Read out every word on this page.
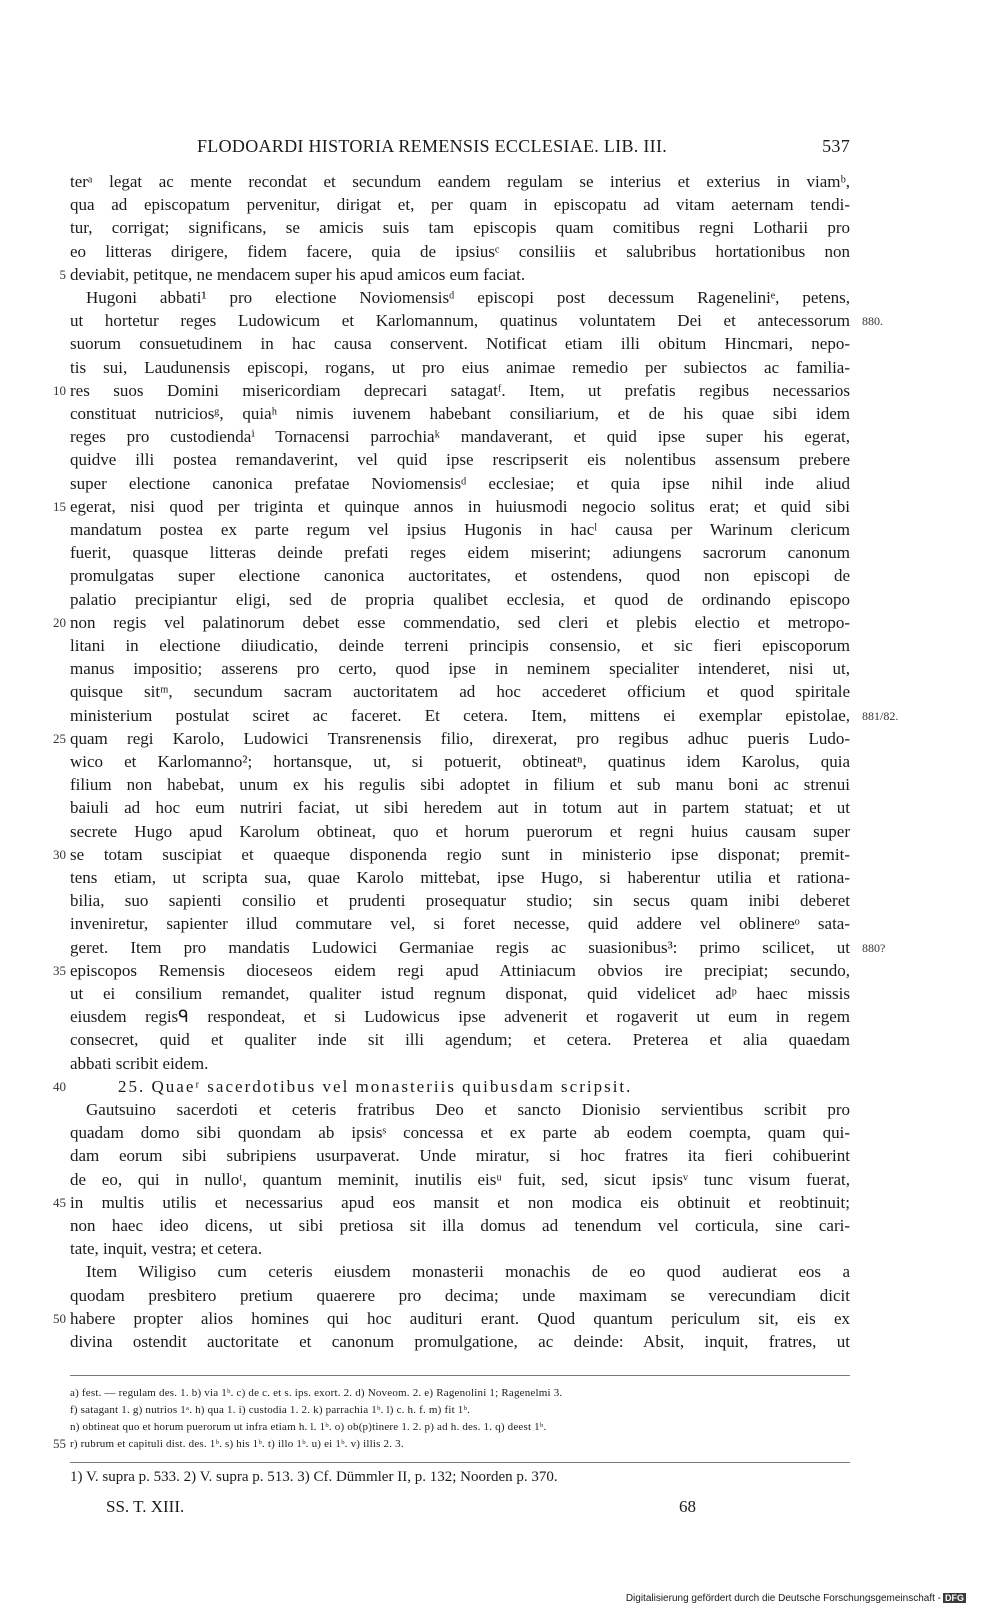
FLODOARDI HISTORIA REMENSIS ECCLESIAE. LIB. III.	537
terᵃ legat ac mente recondat et secundum eandem regulam se interius et exterius in viamᵇ,
qua ad episcopatum pervenitur, dirigat et, per quam in episcopatu ad vitam aeternam tendi-
tur, corrigat; significans, se amicis suis tam episcopis quam comitibus regni Lotharii pro
eo litteras dirigere, fidem facere, quia de ipsiusᶜ consiliis et salubribus hortationibus non
deviabit, petitque, ne mendacem super his apud amicos eum faciat.
5
Hugoni abbati¹ pro electione Noviomensisᵈ episcopi post decessum Rageneliniᵉ, petens,
ut hortetur reges Ludowicum et Karlomannum, quatinus voluntatem Dei et antecessorum 880.
suorum consuetudinem in hac causa conservent. Notificat etiam illi obitum Hincmari, nepo-
tis sui, Laudunensis episcopi, rogans, ut pro eius animae remedio per subiectos ac familia-
res suos Domini misericordiam deprecari satagatᶠ. Item, ut prefatis regibus necessarios
10
constituat nutriciosᵍ, quiaʰ nimis iuvenem habebant consiliarium, et de his quae sibi idem
reges pro custodiendaⁱ Tornacensi parrochiaᵏ mandaverant, et quid ipse super his egerat,
quidve illi postea remandaverint, vel quid ipse rescripserit eis nolentibus assensum prebere
super electione canonica prefatae Noviomensisᵈ ecclesiae; et quia ipse nihil inde aliud
egerat, nisi quod per triginta et quinque annos in huiusmodi negocio solitus erat; et quid sibi
15
mandatum postea ex parte regum vel ipsius Hugonis in hacˡ causa per Warinum clericum
fuerit, quasque litteras deinde prefati reges eidem miserint; adiungens sacrorum canonum
promulgatas super electione canonica auctoritates, et ostendens, quod non episcopi de
palatio precipiantur eligi, sed de propria qualibet ecclesia, et quod de ordinando episcopo
non regis vel palatinorum debet esse commendatio, sed cleri et plebis electio et metropo-
20
litani in electione diiudicatio, deinde terreni principis consensio, et sic fieri episcoporum
manus impositio; asserens pro certo, quod ipse in neminem specialiter intenderet, nisi ut,
quisque sitᵐ, secundum sacram auctoritatem ad hoc accederet officium et quod spiritale
ministerium postulat sciret ac faceret. Et cetera. Item, mittens ei exemplar epistolae, 881/82.
quam regi Karolo, Ludowici Transrenensis filio, direxerat, pro regibus adhuc pueris Ludo-
25
wico et Karlomanno²; hortansque, ut, si potuerit, obtineatⁿ, quatinus idem Karolus, quia
filium non habebat, unum ex his regulis sibi adoptet in filium et sub manu boni ac strenui
baiuli ad hoc eum nutriri faciat, ut sibi heredem aut in totum aut in partem statuat; et ut
secrete Hugo apud Karolum obtineat, quo et horum puerorum et regni huius causam super
se totam suscipiat et quaeque disponenda regio sunt in ministerio ipse disponat; premit-
30
tens etiam, ut scripta sua, quae Karolo mittebat, ipse Hugo, si haberentur utilia et rationa-
bilia, suo sapienti consilio et prudenti prosequatur studio; sin secus quam inibi deberet
inveniretur, sapienter illud commutare vel, si foret necesse, quid addere vel oblinereᵒ sata-
geret. Item pro mandatis Ludowici Germaniae regis ac suasionibus³: primo scilicet, ut 880?
episcopos Remensis dioceseos eidem regi apud Attiniacum obvios ire precipiat; secundo,
35
ut ei consilium remandet, qualiter istud regnum disponat, quid videlicet adᵖ haec missis
eiusdem regisᑫ respondeat, et si Ludowicus ipse advenerit et rogaverit ut eum in regem
consecret, quid et qualiter inde sit illi agendum; et cetera. Preterea et alia quaedam
abbati scribit eidem.
25. Quaeʳ sacerdotibus vel monasteriis quibusdam scripsit.
40
Gautsuino sacerdoti et ceteris fratribus Deo et sancto Dionisio servientibus scribit pro
quadam domo sibi quondam ab ipsisˢ concessa et ex parte ab eodem coempta, quam qui-
dam eorum sibi subripiens usurpaverat. Unde miratur, si hoc fratres ita fieri cohibuerint
de eo, qui in nulloᵗ, quantum meminit, inutilis eisᵘ fuit, sed, sicut ipsisᵛ tunc visum fuerat,
in multis utilis et necessarius apud eos mansit et non modica eis obtinuit et reobtinuit;
45
non haec ideo dicens, ut sibi pretiosa sit illa domus ad tenendum vel corticula, sine cari-
tate, inquit, vestra; et cetera.
Item Wiligiso cum ceteris eiusdem monasterii monachis de eo quod audierat eos a
quodam presbitero pretium quaerere pro decima; unde maximam se verecundiam dicit
habere propter alios homines qui hoc audituri erant. Quod quantum periculum sit, eis ex
50
divina ostendit auctoritate et canonum promulgatione, ac deinde: Absit, inquit, fratres, ut
a) fest. — regulam des. 1. b) via 1ᵇ. c) de c. et s. ips. exort. 2. d) Noveom. 2. e) Ragenolini 1; Ragenelmi 3.
f) satagant 1. g) nutrios 1ᵃ. h) qua 1. i) custodia 1. 2. k) parrachia 1ᵇ. l) c. h. f. m) fit 1ᵇ.
n) obtineat quo et horum puerorum ut infra etiam h. l. 1ᵇ. o) ob(p)tinere 1. 2. p) ad h. des. 1. q) deest 1ᵇ.
r) rubrum et capituli dist. des. 1ᵇ. s) his 1ᵇ. t) illo 1ᵇ. u) ei 1ᵇ. v) illis 2. 3.
55
1) V. supra p. 533. 2) V. supra p. 513. 3) Cf. Dümmler II, p. 132; Noorden p. 370.
SS. T. XIII.	68
Digitalisierung gefördert durch die Deutsche Forschungsgemeinschaft - DFG
